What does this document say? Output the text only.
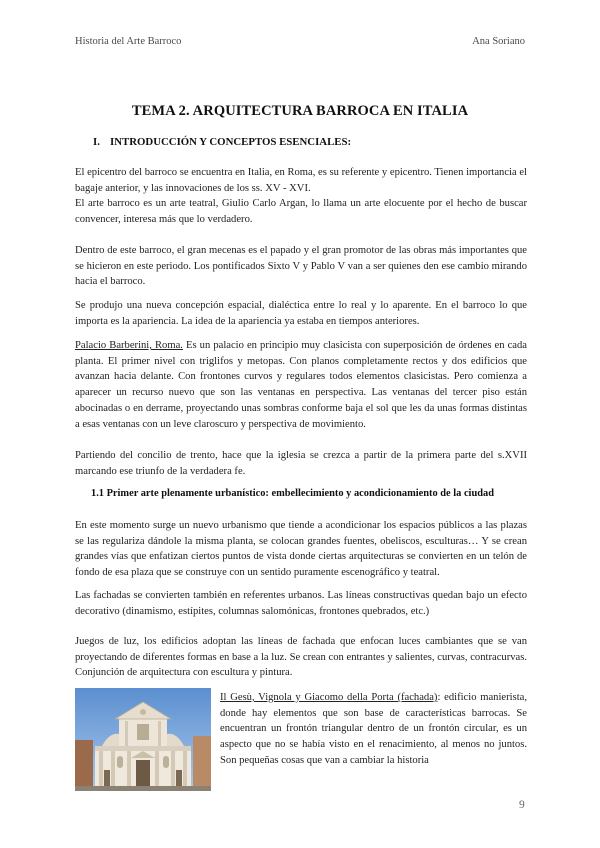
Historia del Arte Barroco	Ana Soriano
TEMA 2. ARQUITECTURA BARROCA EN ITALIA
I. INTRODUCCIÓN Y CONCEPTOS ESENCIALES:

El epicentro del barroco se encuentra en Italia, en Roma, es su referente y epicentro. Tienen importancia el bagaje anterior, y las innovaciones de los ss. XV - XVI.

El arte barroco es un arte teatral, Giulio Carlo Argan, lo llama un arte elocuente por el hecho de buscar convencer, interesa más que lo verdadero.

Dentro de este barroco, el gran mecenas es el papado y el gran promotor de las obras más importantes que se hicieron en este periodo. Los pontificados Sixto V y Pablo V van a ser quienes den ese cambio mirando hacia el barroco.

Se produjo una nueva concepción espacial, dialéctica entre lo real y lo aparente. En el barroco lo que importa es la apariencia. La idea de la apariencia ya estaba en tiempos anteriores.

Palacio Barberini, Roma. Es un palacio en principio muy clasicista con superposición de órdenes en cada planta. El primer nivel con triglifos y metopas. Con planos completamente rectos y dos edificios que avanzan hacia delante. Con frontones curvos y regulares todos elementos clasicistas. Pero comienza a aparecer un recurso nuevo que son las ventanas en perspectiva. Las ventanas del tercer piso están abocinadas o en derrame, proyectando unas sombras conforme baja el sol que les da unas formas distintas a esas ventanas con un leve claroscuro y perspectiva de movimiento.

Partiendo del concilio de trento, hace que la iglesia se crezca a partir de la primera parte del s.XVII marcando ese triunfo de la verdadera fe.

1.1 Primer arte plenamente urbanístico: embellecimiento y acondicionamiento de la ciudad

En este momento surge un nuevo urbanismo que tiende a acondicionar los espacios públicos a las plazas se las regulariza dándole la misma planta, se colocan grandes fuentes, obeliscos, esculturas… Y se crean grandes vías que enfatizan ciertos puntos de vista donde ciertas arquitecturas se convierten en un telón de fondo de esa plaza que se construye con un sentido puramente escenográfico y teatral.

Las fachadas se convierten también en referentes urbanos. Las líneas constructivas quedan bajo un efecto decorativo (dinamismo, estípites, columnas salomónicas, frontones quebrados, etc.)

Juegos de luz, los edificios adoptan las líneas de fachada que enfocan luces cambiantes que se van proyectando de diferentes formas en base a la luz. Se crean con entrantes y salientes, curvas, contracurvas. Conjunción de arquitectura con escultura y pintura.

Il Gesù, Vignola y Giacomo della Porta (fachada): edificio manierista, donde hay elementos que son base de características barrocas. Se encuentran un frontón triangular dentro de un frontón circular, es un aspecto que no se había visto en el renacimiento, al menos no juntos. Son pequeñas cosas que van a cambiar la historia

9
